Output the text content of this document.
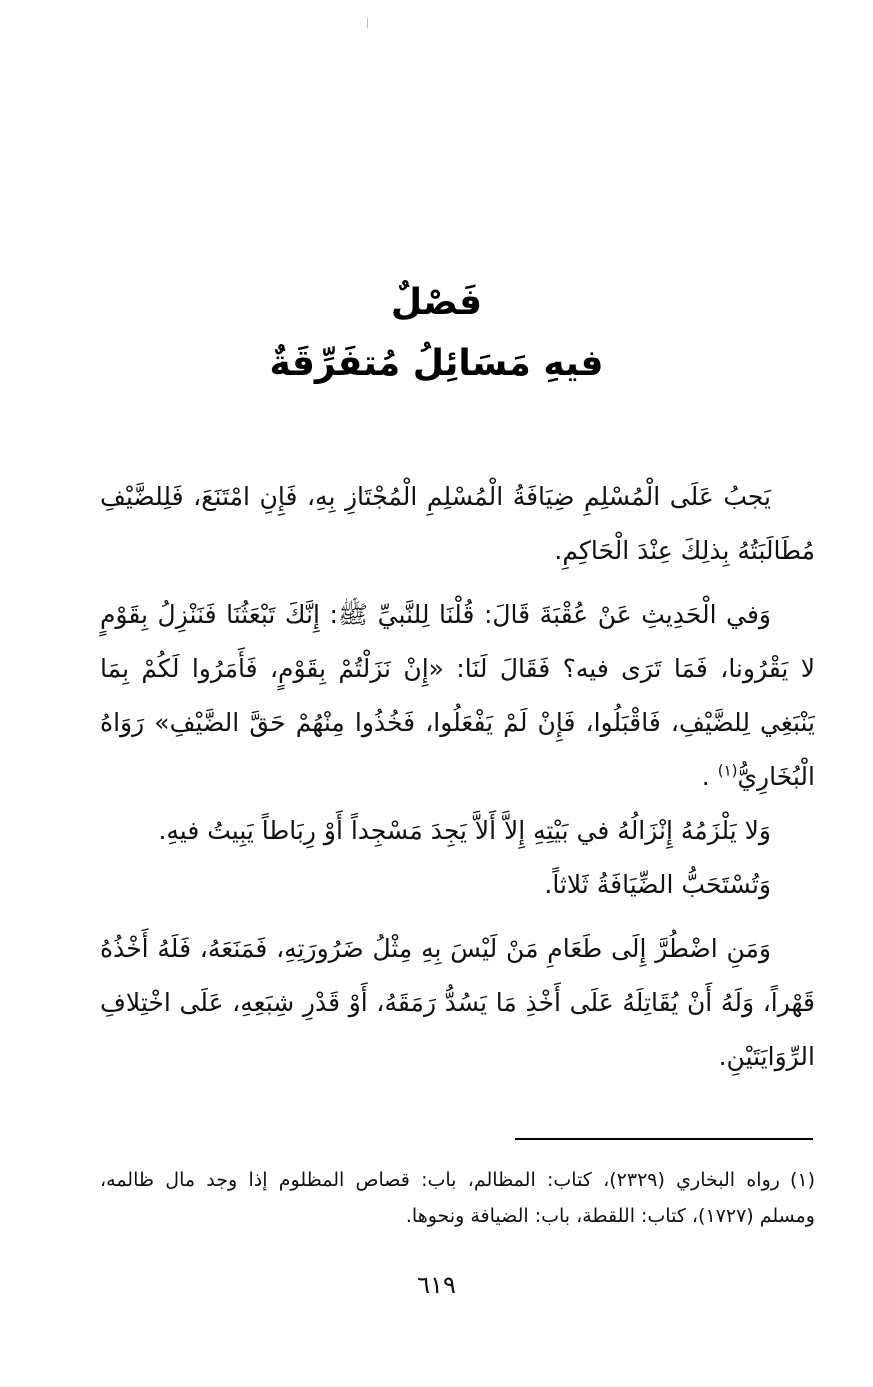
فَصْلٌ
فيهِ مَسَائِلُ مُتفَرِّقَةٌ

يَجبُ عَلَى الْمُسْلِمِ ضِيَافَةُ الْمُسْلِمِ الْمُجْتَازِ بِهِ، فَإِنِ امْتَنَعَ، فَلِلضَّيْفِ مُطَالَبَتُهُ بِذلِكَ عِنْدَ الْحَاكِمِ.

وَفي الْحَدِيثِ عَنْ عُقْبَةَ قَالَ: قُلْنَا لِلنَّبيِّ ﷺ: إِنَّكَ تَبْعَثُنَا فَنَنْزِلُ بِقَوْمٍ لا يَقْرُونا، فَمَا تَرَى فيه؟ فَقَالَ لَنَا: «إِنْ نَزَلْتُمْ بِقَوْمٍ، فَأَمَرُوا لَكُمْ بِمَا يَنْبَغِي لِلضَّيْفِ، فَاقْبَلُوا، فَإِنْ لَمْ يَفْعَلُوا، فَخُذُوا مِنْهُمْ حَقَّ الضَّيْفِ» رَوَاهُ الْبُخَارِيُّ$^{(١)}$ .

وَلا يَلْزَمُهُ إِنْزَالُهُ في بَيْتِهِ إِلاَّ أَلاَّ يَجِدَ مَسْجِداً أَوْ رِبَاطاً يَبِيتُ فيهِ.

وَتُسْتَحَبُّ الضِّيَافَةُ ثَلاثاً.

وَمَنِ اضْطُرَّ إِلَى طَعَامِ مَنْ لَيْسَ بِهِ مِثْلُ ضَرُورَتِهِ، فَمَنَعَهُ، فَلَهُ أَخْذُهُ قَهْراً، وَلَهُ أَنْ يُقَاتِلَهُ عَلَى أَخْذِ مَا يَسُدُّ رَمَقَهُ، أَوْ قَدْرِ شِبَعِهِ، عَلَى اخْتِلافِ الرِّوَايَتَيْنِ.

(١)رواه البخاري (٢٣٢٩)، كتاب: المظالم، باب: قصاص المظلوم إذا وجد مال ظالمه، ومسلم (١٧٢٧)، كتاب: اللقطة، باب: الضيافة ونحوها.

٦١٩
